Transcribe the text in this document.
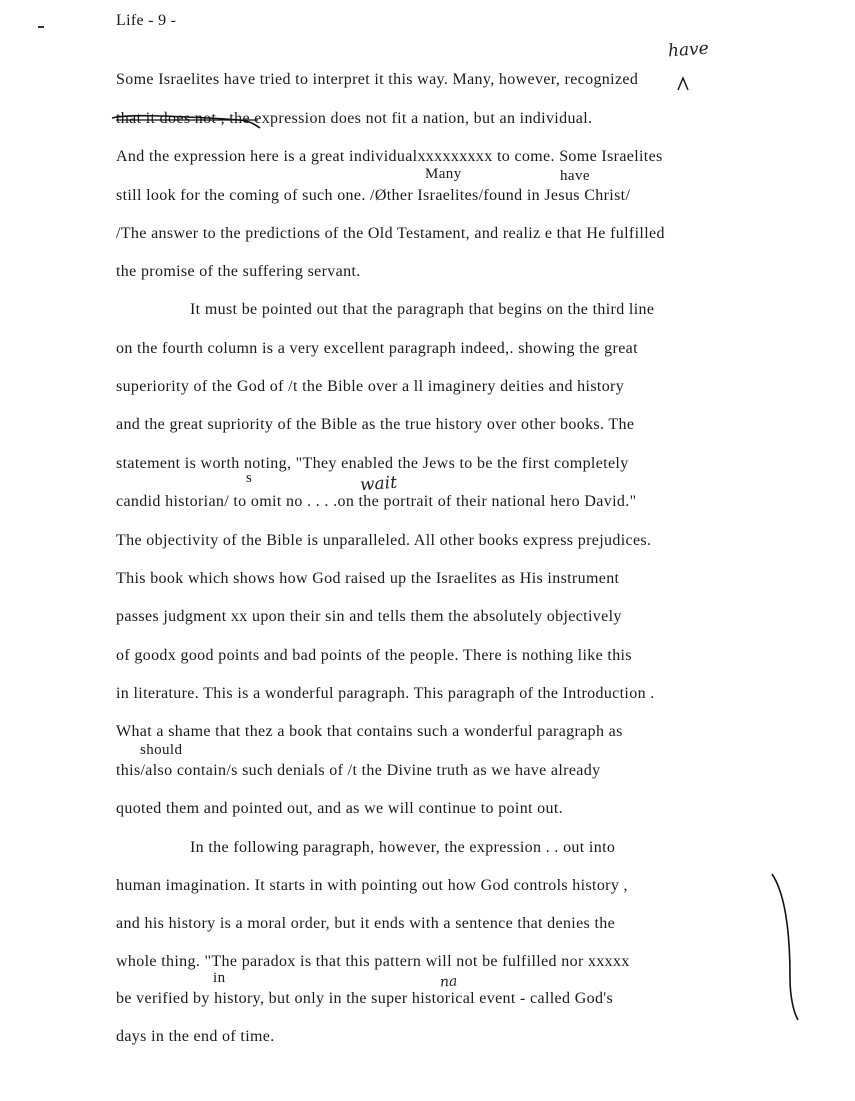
Life - 9 -
have
Many	have
s	wait
should
in	na
Some Israelites have tried to interpret it this way. Many, however, recognized
that it does not , the expression does not fit a nation, but an individual.
And the expression here is a great individualxxxxxxxxx to come. Some Israelites
still look for the coming of such one. /Øther Israelites/found in Jesus Christ/
/The answer to the predictions of the Old Testament, and realiz e that He fulfilled
the promise of the suffering servant.
It must be pointed out that the paragraph that begins on the third line
on the fourth column is a very excellent paragraph indeed,. showing the great
superiority of the God of /t the Bible over a ll imaginery deities and history
and the great supriority of the Bible as the true history over other books. The
statement is worth noting, "They enabled the Jews to be the first completely
candid historian/ to omit no . . . .on the portrait of their national hero David."
The objectivity of the Bible is unparalleled. All other books express prejudices.
This book which shows how God raised up the Israelites as His instrument
passes judgment xx upon their sin and tells them the absolutely objectively
of goodx good points and bad points of the people. There is nothing like this
in literature. This is a wonderful paragraph. This paragraph of the Introduction .
What a shame that thez a book that contains such a wonderful paragraph as
this/also contain/s such denials of /t the Divine truth as we have already
quoted them and pointed out, and as we will continue to point out.
In the following paragraph, however, the expression . . out into
human imagination. It starts in with pointing out how God controls history ,
and his history is a moral order, but it ends with a sentence that denies the
whole thing. "The paradox is that this pattern will not be fulfilled nor xxxxx
be verified by history, but only in the super historical event - called God's
days in the end of time.
